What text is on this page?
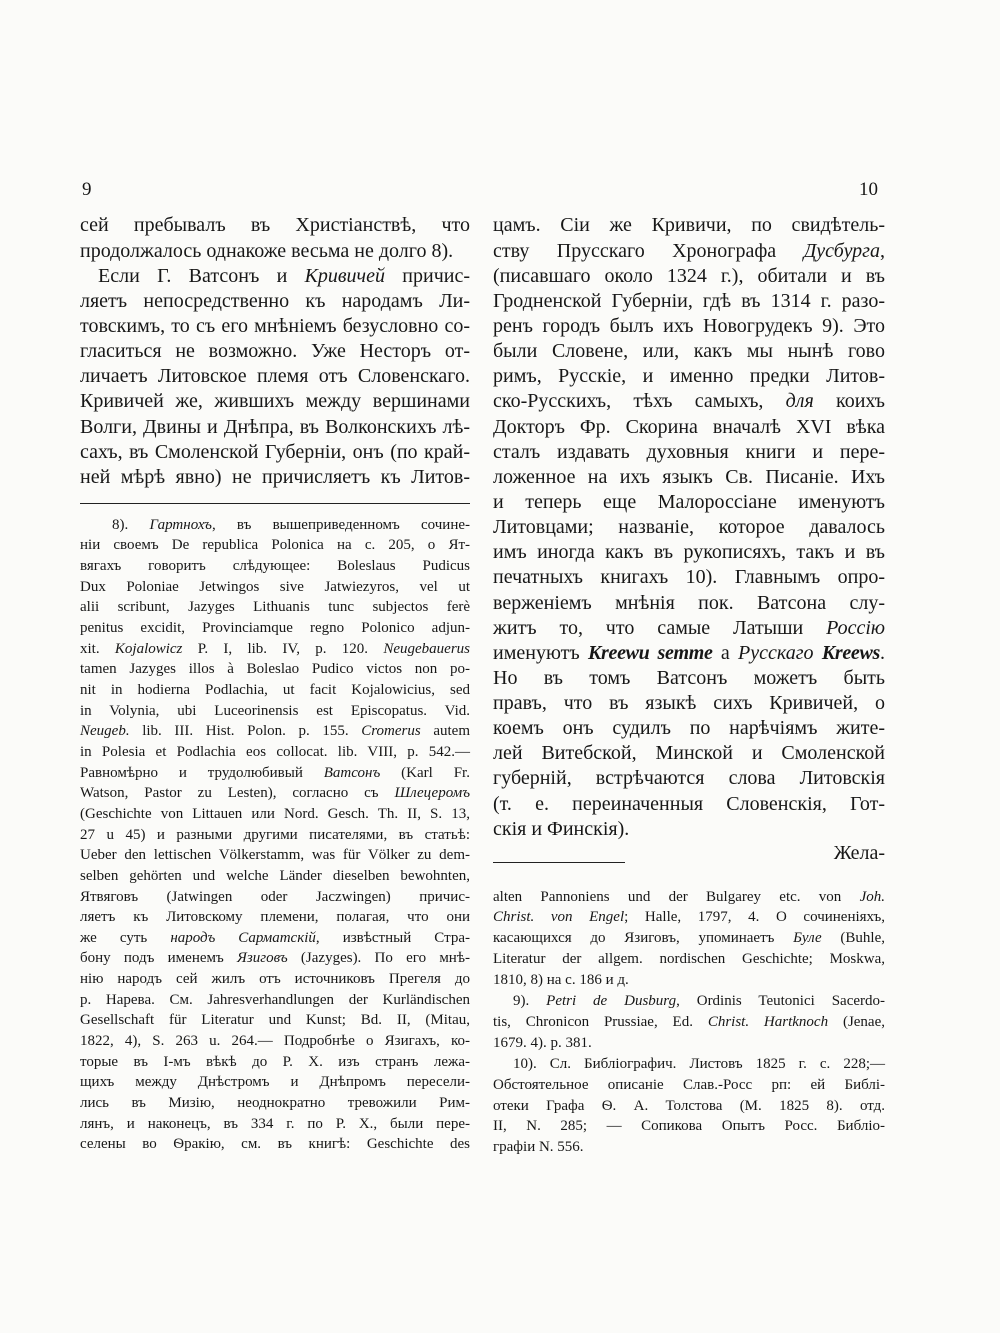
9	10
сей пребывалъ въ Христіанствѣ, что
продолжалось однакоже весьма не долго 8).
Если Г. Ватсонъ и Кривичей причис-
ляетъ непосредственно къ народамъ Ли-
товскимъ, то съ его мнѣніемъ безусловно со-
гласиться не возможно. Уже Несторъ от-
личаетъ Литовское племя отъ Словенскаго.
Кривичей же, жившихъ между вершинами
Волги, Двины и Днѣпра, въ Волконскихъ лѣ-
сахъ, въ Смоленской Губерніи, онъ (по край-
ней мѣрѣ явно) не причисляетъ къ Литов-
8). Гартнохъ, въ вышеприведенномъ сочине-
ніи своемъ De republica Polonica на с. 205, о Ят-
вягахъ говоритъ слѣдующее: Boleslaus Pudicus
Dux Poloniae Jetwingos sive Jatwiezyros, vel ut
alii scribunt, Jazyges Lithuanis tunc subjectos ferè
penitus excidit, Provinciamque regno Polonico adjun-
xit. Kojalowicz P. I, lib. IV, p. 120. Neugebauerus
tamen Jazyges illos à Boleslao Pudico victos non po-
nit in hodierna Podlachia, ut facit Kojalowicius, sed
in Volynia, ubi Luceorinensis est Episcopatus. Vid.
Neugeb. lib. III. Hist. Polon. p. 155. Cromerus autem
in Polesia et Podlachia eos collocat. lib. VIII, p. 542.—
Равномѣрно и трудолюбивый Ватсонъ (Karl Fr.
Watson, Pastor zu Lesten), согласно съ Шлецеромъ
(Geschichte von Littauen или Nord. Gesch. Th. II, S. 13,
27 u 45) и разными другими писателями, въ статьѣ:
Ueber den lettischen Völkerstamm, was für Völker zu dem-
selben gehörten und welche Länder dieselben bewohnten,
Ятвяговъ (Jatwingen oder Jaczwingen) причис-
ляетъ къ Литовскому племени, полагая, что они
же суть народъ Сарматскій, извѣстный Стра-
бону подъ именемъ Язиговъ (Jazyges). По его мнѣ-
нію народъ сей жилъ отъ источниковъ Прегеля до
р. Нарева. См. Jahresverhandlungen der Kurländischen
Gesellschaft für Literatur und Kunst; Bd. II, (Mitau,
1822, 4), S. 263 u. 264.— Подробнѣе о Язигахъ, ко-
торые въ I-мъ вѣкѣ до Р. Х. изъ странъ лежа-
щихъ между Днѣстромъ и Днѣпромъ пересели-
лись въ Мизію, неоднократно тревожили Рим-
лянъ, и наконецъ, въ 334 г. по Р. Х., были пере-
селены во Ѳракію, см. въ книгѣ: Geschichte des
цамъ. Сіи же Кривичи, по свидѣтель-
ству Прусскаго Хронографа Дусбурга,
(писавшаго около 1324 г.), обитали и въ
Гродненской Губерніи, гдѣ въ 1314 г. разо-
ренъ городъ былъ ихъ Новогрудекъ 9). Это
были Словене, или, какъ мы нынѣ гово
римъ, Русскіе, и именно предки Литов-
ско-Русскихъ, тѣхъ самыхъ, для коихъ
Докторъ Фр. Скорина вначалѣ XVI вѣка
сталъ издавать духовныя книги и пере-
ложенное на ихъ языкъ Св. Писаніе. Ихъ
и теперь еще Малороссіане именуютъ
Литовцами; названіе, которое давалось
имъ иногда какъ въ рукописяхъ, такъ и въ
печатныхъ книгахъ 10). Главнымъ опро-
верженіемъ мнѣнія пок. Ватсона слу-
житъ то, что самые Латыши Россію
именуютъ Kreewu semme а Русскаго Kreews.
Но въ томъ Ватсонъ можетъ быть
правъ, что въ языкѣ сихъ Кривичей, о
коемъ онъ судилъ по нарѣчіямъ жите-
лей Витебской, Минской и Смоленской
губерній, встрѣчаются слова Литовскія
(т. е. переиначенныя Словенскія, Гот-
скія и Финскія).
Жела-
alten Pannoniens und der Bulgarey etc. von Joh.
Christ. von Engel; Halle, 1797, 4. О сочиненіяхъ,
касающихся до Язиговъ, упоминаетъ Буле (Buhle,
Literatur der allgem. nordischen Geschichte; Moskwa,
1810, 8) на с. 186 и д.
9). Petri de Dusburg, Ordinis Teutonici Sacerdo-
tis, Chronicon Prussiae, Ed. Christ. Hartknoch (Jenae,
1679. 4). p. 381.
10). Сл. Библіографич. Листовъ 1825 г. с. 228;—
Обстоятельное описаніе Слав.-Росс рп: ей Библі-
отеки Графа Ѳ. А. Толстова (М. 1825 8). отд.
II, N. 285; — Сопикова Опытъ Росс. Библіо-
графіи N. 556.
